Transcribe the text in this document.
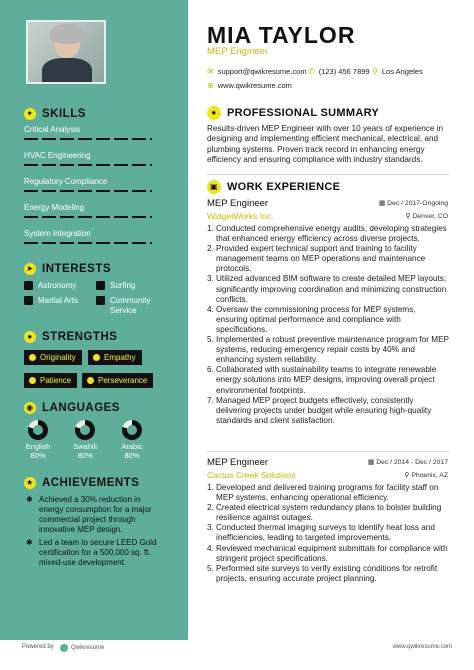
✦ SKILLS
Critical Analysis
HVAC Engineering
Regulatory Compliance
Energy Modeling
System Integration
➤ INTERESTS
Astronomy	Surfing
Martial Arts	Community Service
● STRENGTHS
Originality	Empathy
Patience	Perseverance
◉ LANGUAGES
English
80%
Swahili
80%
Arabic
80%
★ ACHIEVEMENTS
✱ Achieved a 30% reduction in energy consumption for a major commercial project through innovative MEP design.
✱ Led a team to secure LEED Gold certification for a 500,000 sq. ft. mixed-use development.
MIA TAYLOR
MEP Engineer
✉ support@qwikresume.com ✆ (123) 456 7899 ⚲ Los Angeles
⊕ www.qwikresume.com
● PROFESSIONAL SUMMARY
Results-driven MEP Engineer with over 10 years of experience in designing and implementing efficient mechanical, electrical, and plumbing systems. Proven track record in enhancing energy efficiency and ensuring compliance with industry standards.
▣ WORK EXPERIENCE
MEP Engineer	▦ Dec / 2017-Ongoing
WidgetWorks Inc.	⚲ Denver, CO
1. Conducted comprehensive energy audits, developing strategies that enhanced energy efficiency across diverse projects.
2. Provided expert technical support and training to facility management teams on MEP operations and maintenance protocols.
3. Utilized advanced BIM software to create detailed MEP layouts, significantly improving coordination and minimizing construction conflicts.
4. Oversaw the commissioning process for MEP systems, ensuring optimal performance and compliance with specifications.
5. Implemented a robust preventive maintenance program for MEP systems, reducing emergency repair costs by 40% and enhancing system reliability.
6. Collaborated with sustainability teams to integrate renewable energy solutions into MEP designs, improving overall project environmental footprints.
7. Managed MEP project budgets effectively, consistently delivering projects under budget while ensuring high-quality standards and client satisfaction.
MEP Engineer	▦ Dec / 2014 - Dec / 2017
Cactus Creek Solutions	⚲ Phoenix, AZ
1. Developed and delivered training programs for facility staff on MEP systems, enhancing operational efficiency.
2. Created electrical system redundancy plans to bolster building resilience against outages.
3. Conducted thermal imaging surveys to identify heat loss and inefficiencies, leading to targeted improvements.
4. Reviewed mechanical equipment submittals for compliance with stringent project specifications.
5. Performed site surveys to verify existing conditions for retrofit projects, ensuring accurate project planning.
Powered by	Qwikresume	www.qwikresume.com
